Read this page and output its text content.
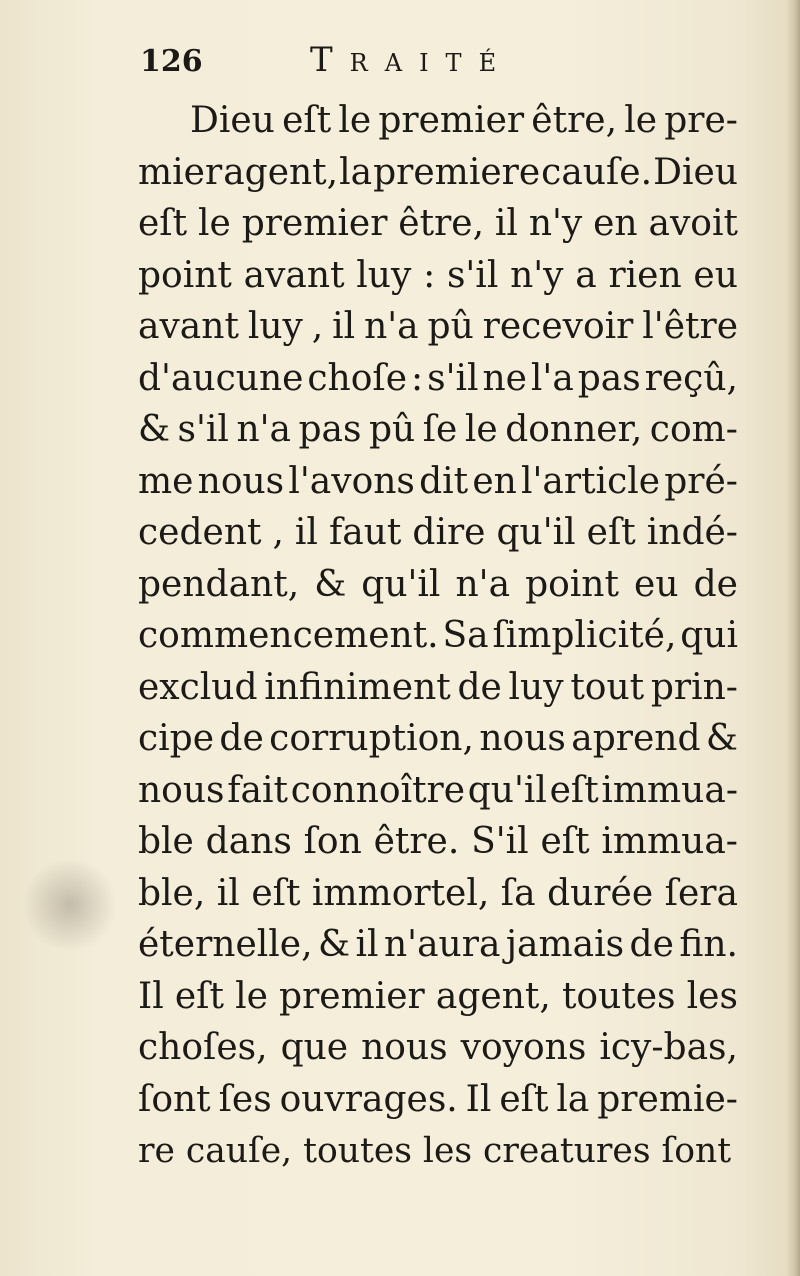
126	Traité
Dieu eſt le premier être, le pre-
mier agent, la premiere cauſe. Dieu
eſt le premier être, il n'y en avoit
point avant luy : s'il n'y a rien eu
avant luy , il n'a pû recevoir l'être
d'aucune choſe : s'il ne l'a pas reçû,
& s'il n'a pas pû ſe le donner, com-
me nous l'avons dit en l'article pré-
cedent , il faut dire qu'il eſt indé-
pendant, & qu'il n'a point eu de
commencement. Sa ſimplicité, qui
exclud infiniment de luy tout prin-
cipe de corruption, nous aprend &
nous fait connoître qu'il eſt immua-
ble dans ſon être. S'il eſt immua-
ble, il eſt immortel, ſa durée ſera
éternelle, & il n'aura jamais de fin.
Il eſt le premier agent, toutes les
choſes, que nous voyons icy-bas,
ſont ſes ouvrages. Il eſt la premie-
re cauſe, toutes les creatures ſont
